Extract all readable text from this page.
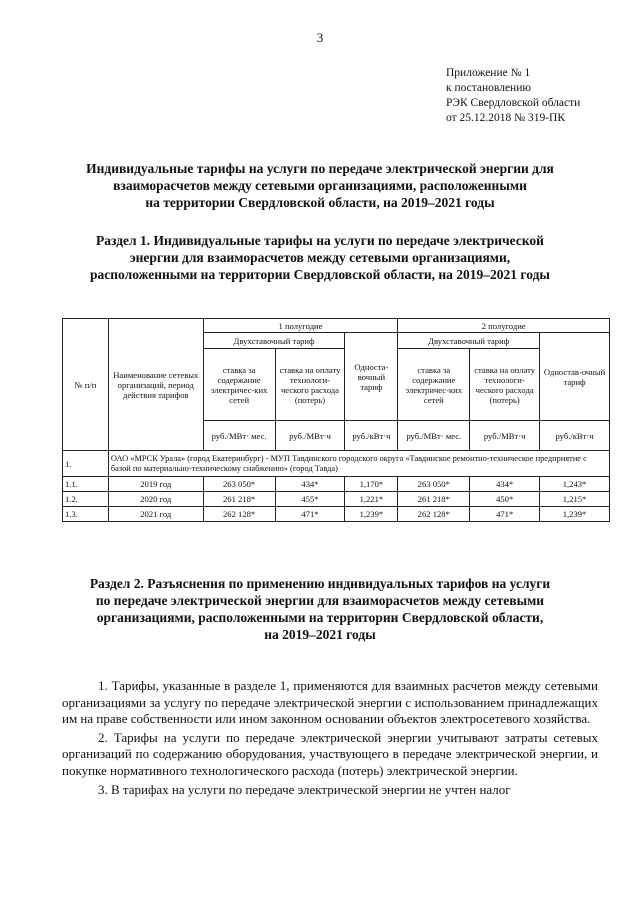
3
Приложение № 1
к постановлению
РЭК Свердловской области
от 25.12.2018 № 319-ПК
Индивидуальные тарифы на услуги по передаче электрической энергии для
взаиморасчетов между сетевыми организациями, расположенными
на территории Свердловской области, на 2019–2021 годы
Раздел 1. Индивидуальные тарифы на услуги по передаче электрической
энергии для взаиморасчетов между сетевыми организациями,
расположенными на территории Свердловской области, на 2019–2021 годы
№ п/п	Наименование сетевых организаций, период действия тарифов	1 полугодие			2 полугодие		
		Двухставочный тариф		Односта-вочный тариф	Двухставочный тариф		Одностав-очный тариф
		ставка за содержание электричес-ких сетей	ставка на оплату технологи-ческого расхода (потерь)		ставка за содержание электричес-ких сетей	ставка на оплату технологи-ческого расхода (потерь)	
		руб./МВт· мес.	руб./МВт·ч	руб./кВт·ч	руб./МВт· мес.	руб./МВт·ч	руб./кВт·ч
1.	ОАО «МРСК Урала» (город Екатеринбург) - МУП Тавдинского городского округа «Тавдинское ремонтно-техническое предприятие с базой по материально-техническому снабжению» (город Тавда)						
1.1.	2019 год	263 050*	434*	1,170*	263 050*	434*	1,243*
1.2.	2020 год	261 218*	455*	1,221*	261 218*	450*	1,215*
1.3.	2021 год	262 128*	471*	1,239*	262 128*	471*	1,239*
Раздел 2. Разъяснения по применению индивидуальных тарифов на услуги
по передаче электрической энергии для взаиморасчетов между сетевыми
организациями, расположенными на территории Свердловской области,
на 2019–2021 годы

1. Тарифы, указанные в разделе 1, применяются для взаимных расчетов между сетевыми организациями за услугу по передаче электрической энергии с использованием принадлежащих им на праве собственности или ином законном основании объектов электросетевого хозяйства.

2. Тарифы на услуги по передаче электрической энергии учитывают затраты сетевых организаций по содержанию оборудования, участвующего в передаче электрической энергии, и покупке нормативного технологического расхода (потерь) электрической энергии.

3. В тарифах на услуги по передаче электрической энергии не учтен налог
